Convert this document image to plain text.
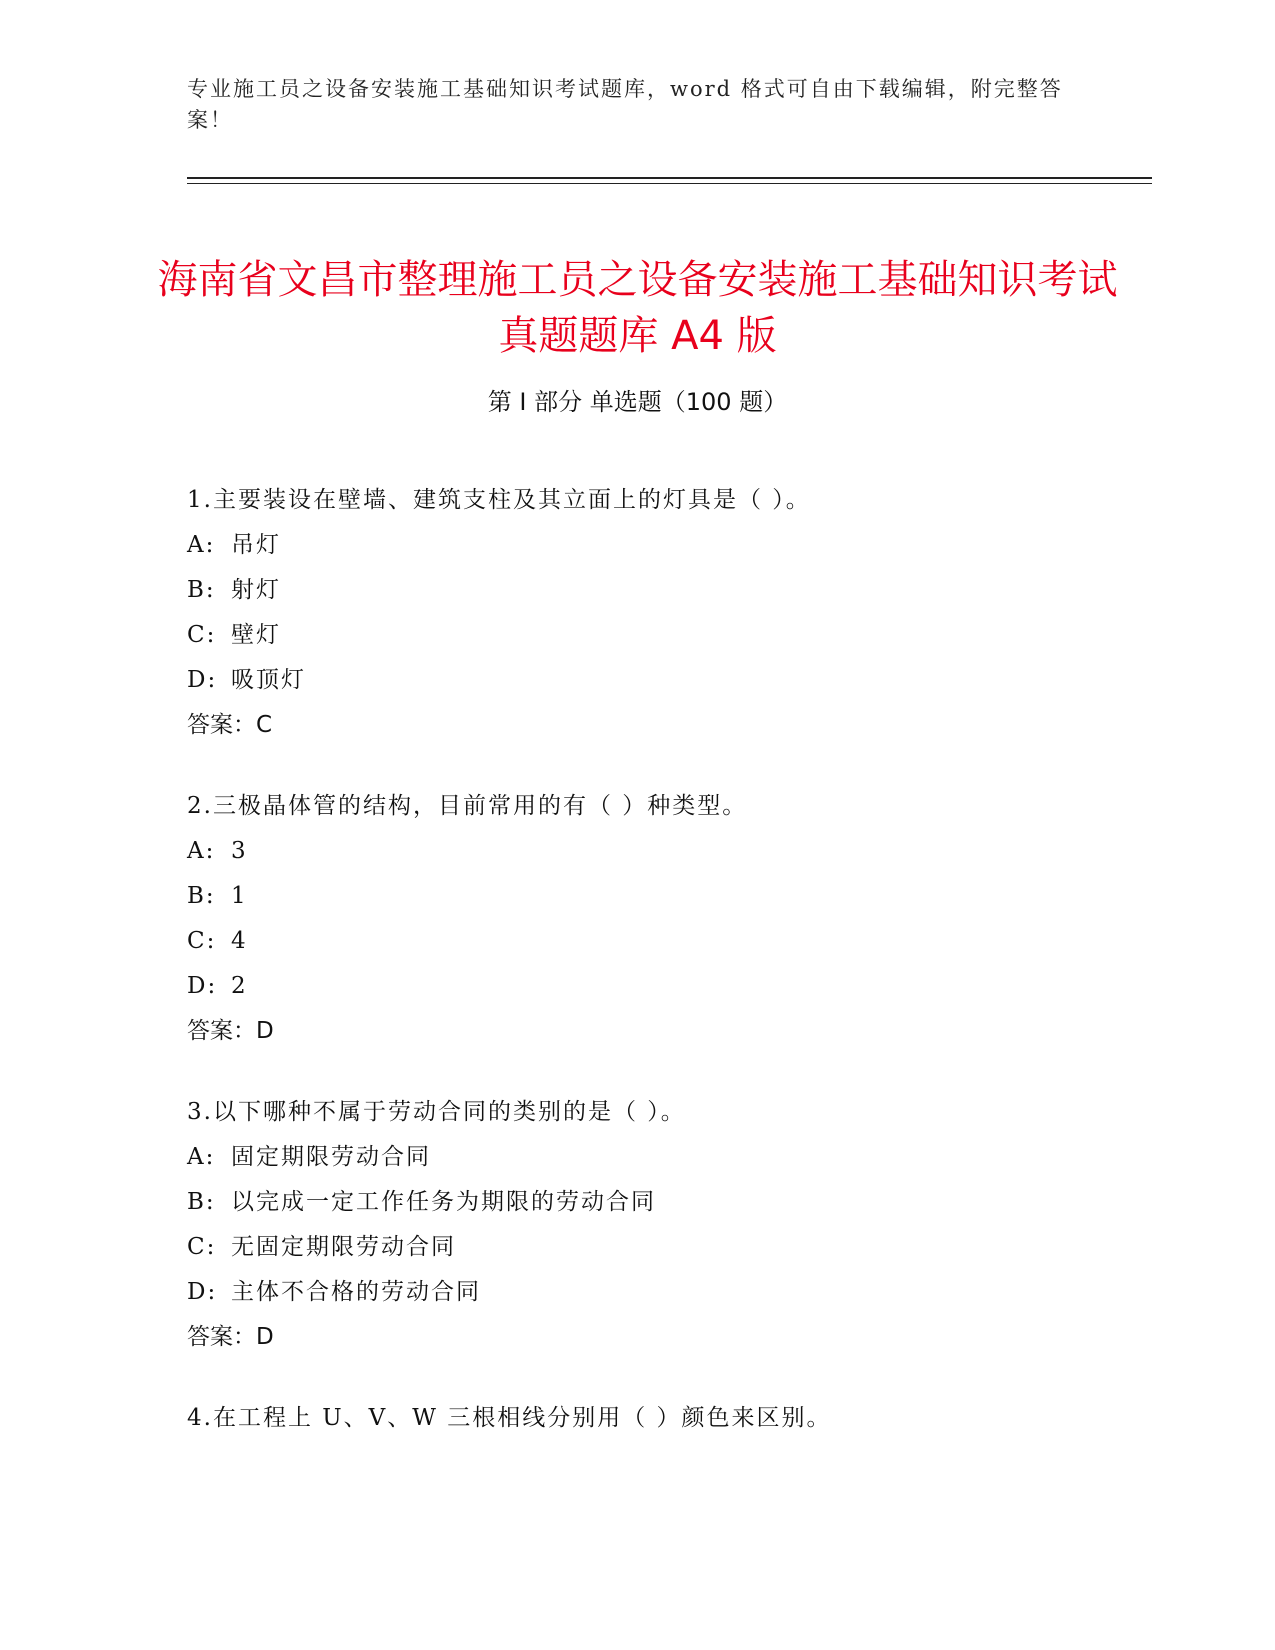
专业施工员之设备安装施工基础知识考试题库，word 格式可自由下载编辑，附完整答案！
海南省文昌市整理施工员之设备安装施工基础知识考试真题题库 A4 版
第 I 部分 单选题（100 题）
1.主要装设在壁墙、建筑支柱及其立面上的灯具是（ ）。
A: 吊灯
B: 射灯
C: 壁灯
D: 吸顶灯
答案：C
2.三极晶体管的结构，目前常用的有（ ）种类型。
A: 3
B: 1
C: 4
D: 2
答案：D
3.以下哪种不属于劳动合同的类别的是（ ）。
A: 固定期限劳动合同
B: 以完成一定工作任务为期限的劳动合同
C: 无固定期限劳动合同
D: 主体不合格的劳动合同
答案：D
4.在工程上 U、V、W 三根相线分别用（ ）颜色来区别。
